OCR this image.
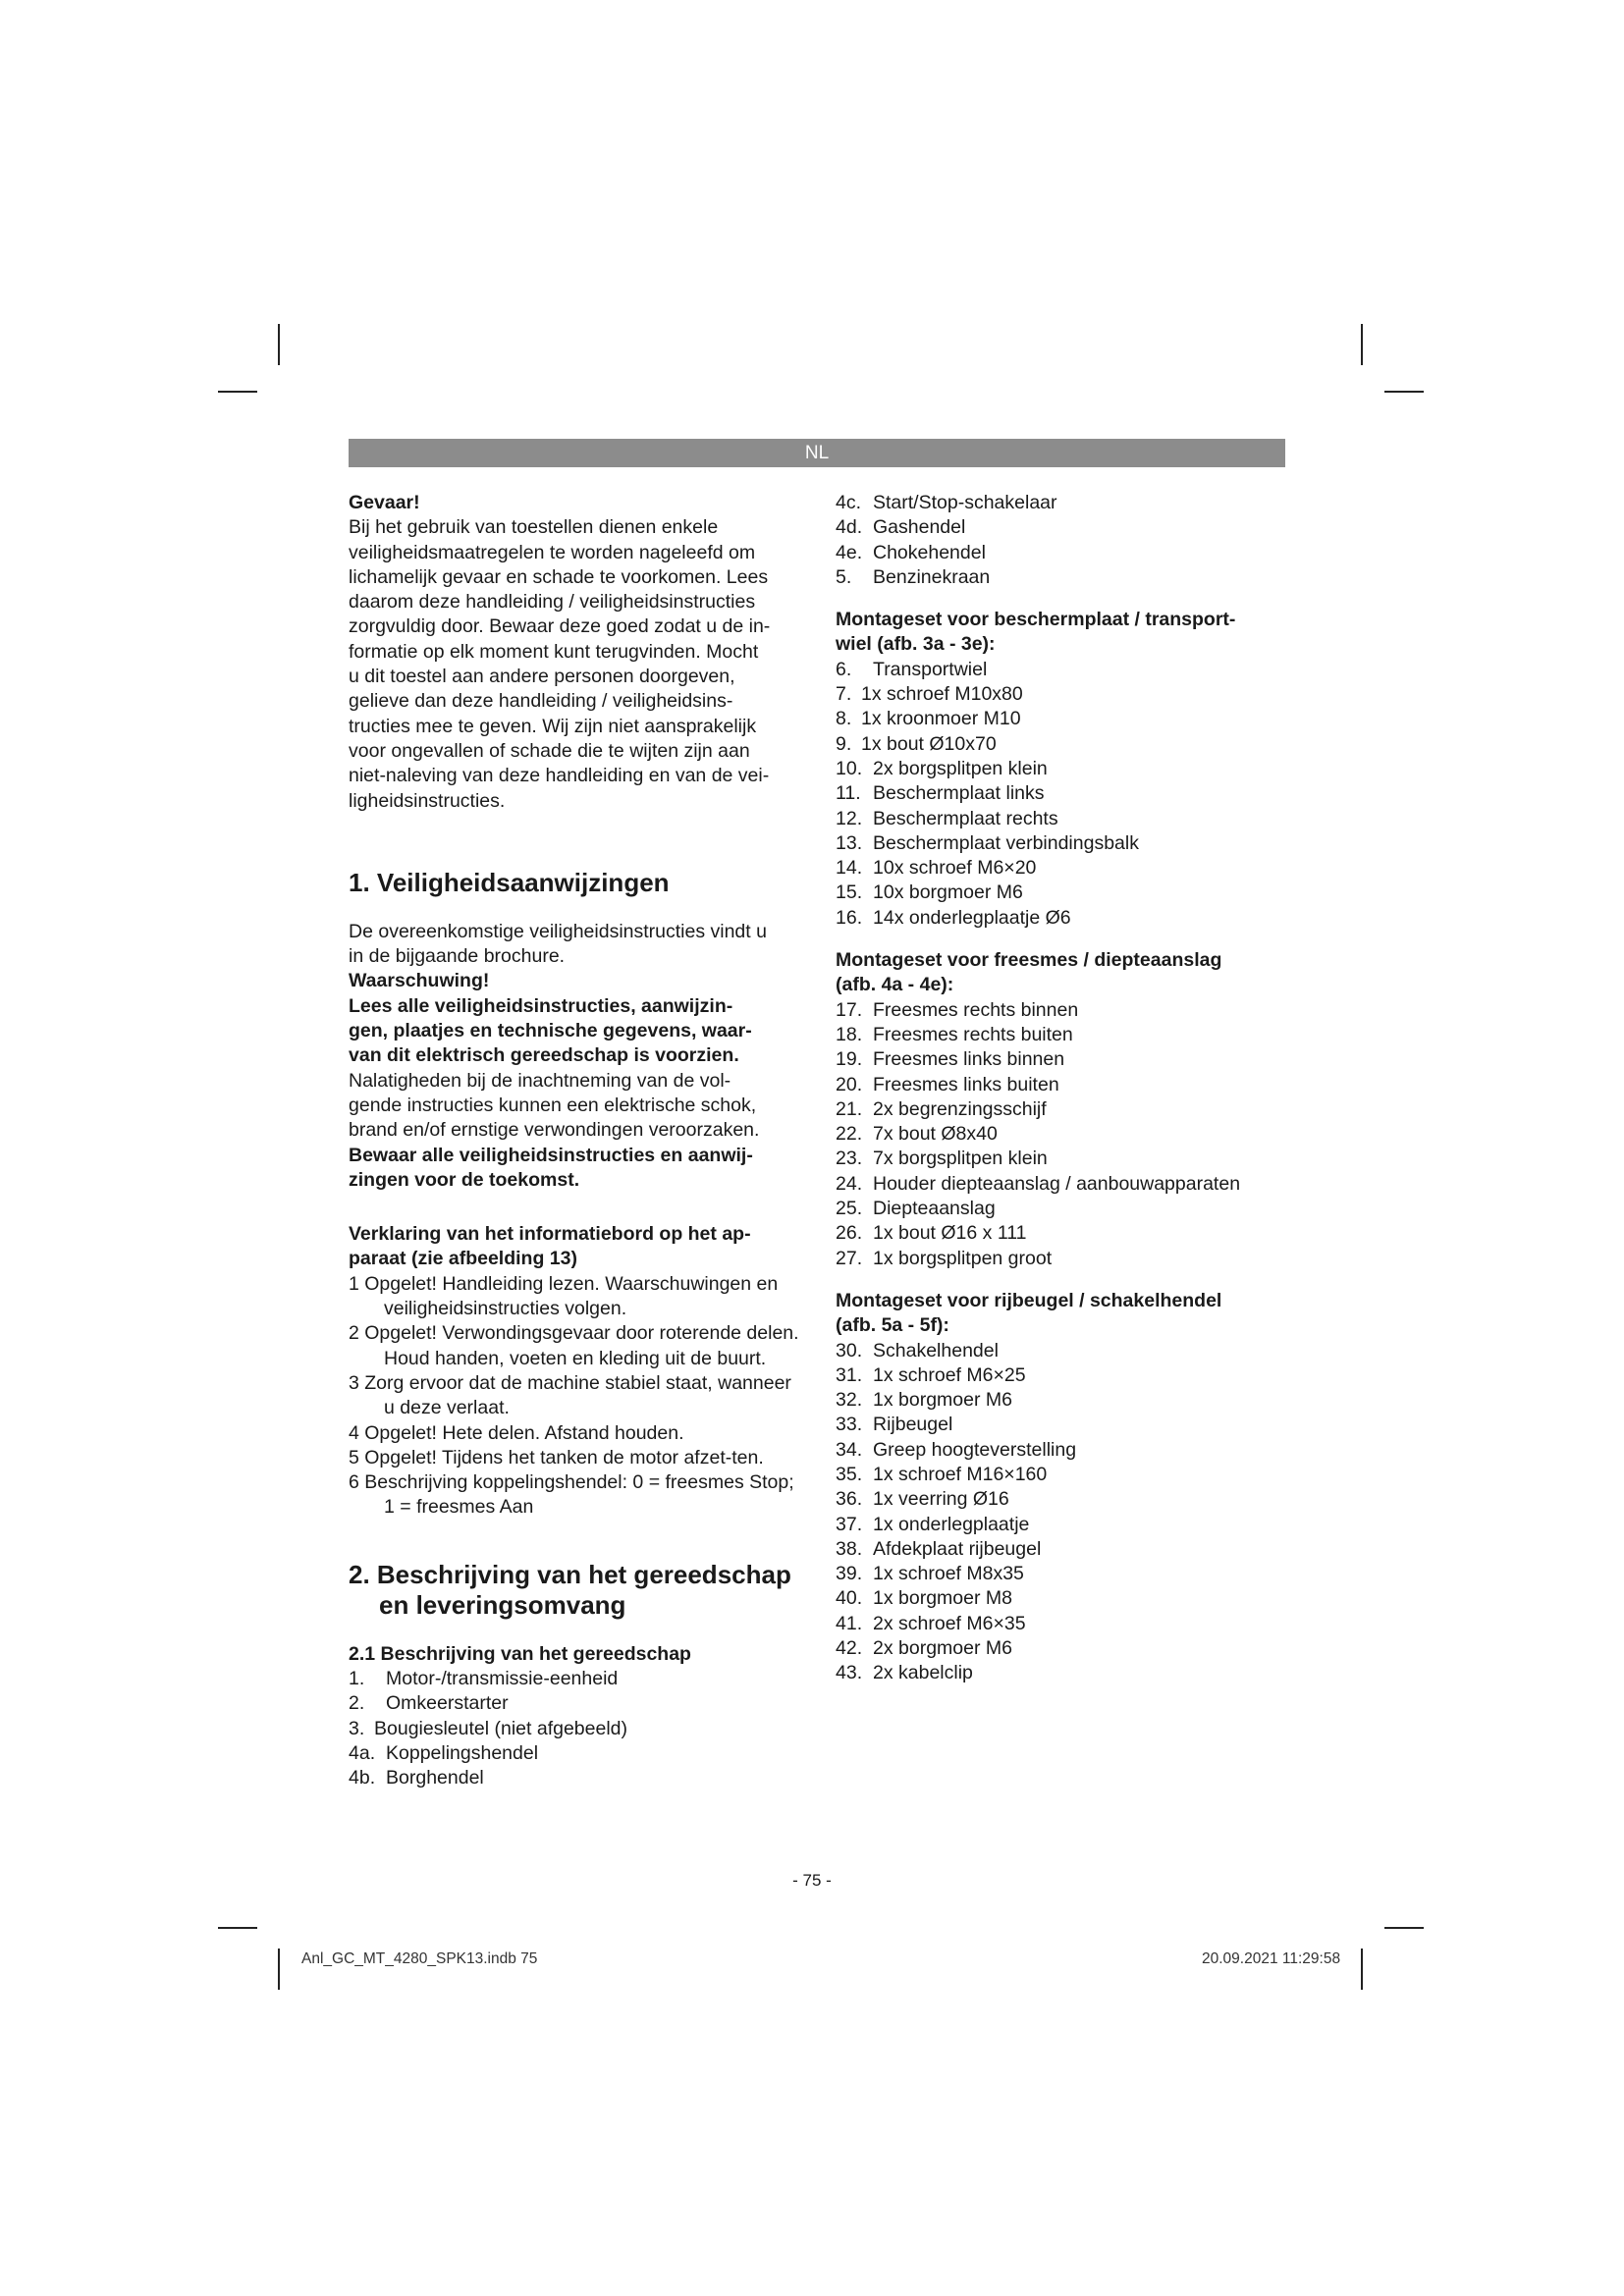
NL

Gevaar!

Bij het gebruik van toestellen dienen enkele

veiligheidsmaatregelen te worden nageleefd om

lichamelijk gevaar en schade te voorkomen. Lees

daarom deze handleiding / veiligheidsinstructies

zorgvuldig door. Bewaar deze goed zodat u de in-

formatie op elk moment kunt terugvinden. Mocht

u dit toestel aan andere personen doorgeven,

gelieve dan deze handleiding / veiligheidsins-

tructies mee te geven. Wij zijn niet aansprakelijk

voor ongevallen of schade die te wijten zijn aan

niet-naleving van deze handleiding en van de vei-

ligheidsinstructies.

1. Veiligheidsaanwijzingen

De overeenkomstige veiligheidsinstructies vindt u

in de bijgaande brochure.

Waarschuwing!

Lees alle veiligheidsinstructies, aanwijzin-

gen, plaatjes en technische gegevens, waar-

van dit elektrisch gereedschap is voorzien.

Nalatigheden bij de inachtneming van de vol-

gende instructies kunnen een elektrische schok,

brand en/of ernstige verwondingen veroorzaken.

Bewaar alle veiligheidsinstructies en aanwij-

zingen voor de toekomst.

Verklaring van het informatiebord op het ap-

paraat (zie afbeelding 13)

1 Opgelet! Handleiding lezen. Waarschuwingen en veiligheidsinstructies volgen.

2 Opgelet! Verwondingsgevaar door roterende delen. Houd handen, voeten en kleding uit de buurt.

3 Zorg ervoor dat de machine stabiel staat, wanneer u deze verlaat.

4 Opgelet! Hete delen. Afstand houden.

5 Opgelet! Tijdens het tanken de motor afzet-ten.

6 Beschrijving koppelingshendel: 0 = freesmes Stop; 1 = freesmes Aan

2. Beschrijving van het gereedschap en leveringsomvang

2.1 Beschrijving van het gereedschap

1.	Motor-/transmissie-eenheid
2.	Omkeerstarter
3. Bougiesleutel (niet afgebeeld)
4a. Koppelingshendel
4b. Borghendel
4c. Start/Stop-schakelaar
4d. Gashendel
4e. Chokehendel
5.	Benzinekraan

Montageset voor beschermplaat / transport-

wiel (afb. 3a - 3e):

6.	Transportwiel
7. 1x schroef M10x80
8. 1x kroonmoer M10
9. 1x bout Ø10x70
10. 2x borgsplitpen klein
11. Beschermplaat links
12. Beschermplaat rechts
13. Beschermplaat verbindingsbalk
14. 10x schroef M6×20
15. 10x borgmoer M6
16. 14x onderlegplaatje Ø6

Montageset voor freesmes / diepteaanslag

(afb. 4a - 4e):

17. Freesmes rechts binnen
18. Freesmes rechts buiten
19. Freesmes links binnen
20. Freesmes links buiten
21. 2x begrenzingsschijf
22. 7x bout Ø8x40
23. 7x borgsplitpen klein
24. Houder diepteaanslag / aanbouwapparaten
25. Diepteaanslag
26. 1x bout Ø16 x 111
27. 1x borgsplitpen groot

Montageset voor rijbeugel / schakelhendel

(afb. 5a - 5f):

30. Schakelhendel
31. 1x schroef M6×25
32. 1x borgmoer M6
33. Rijbeugel
34. Greep hoogteverstelling
35. 1x schroef M16×160
36. 1x veerring Ø16
37. 1x onderlegplaatje
38. Afdekplaat rijbeugel
39. 1x schroef M8x35
40. 1x borgmoer M8
41. 2x schroef M6×35
42. 2x borgmoer M6
43. 2x kabelclip
- 75 -
Anl_GC_MT_4280_SPK13.indb 75	20.09.2021 11:29:58
